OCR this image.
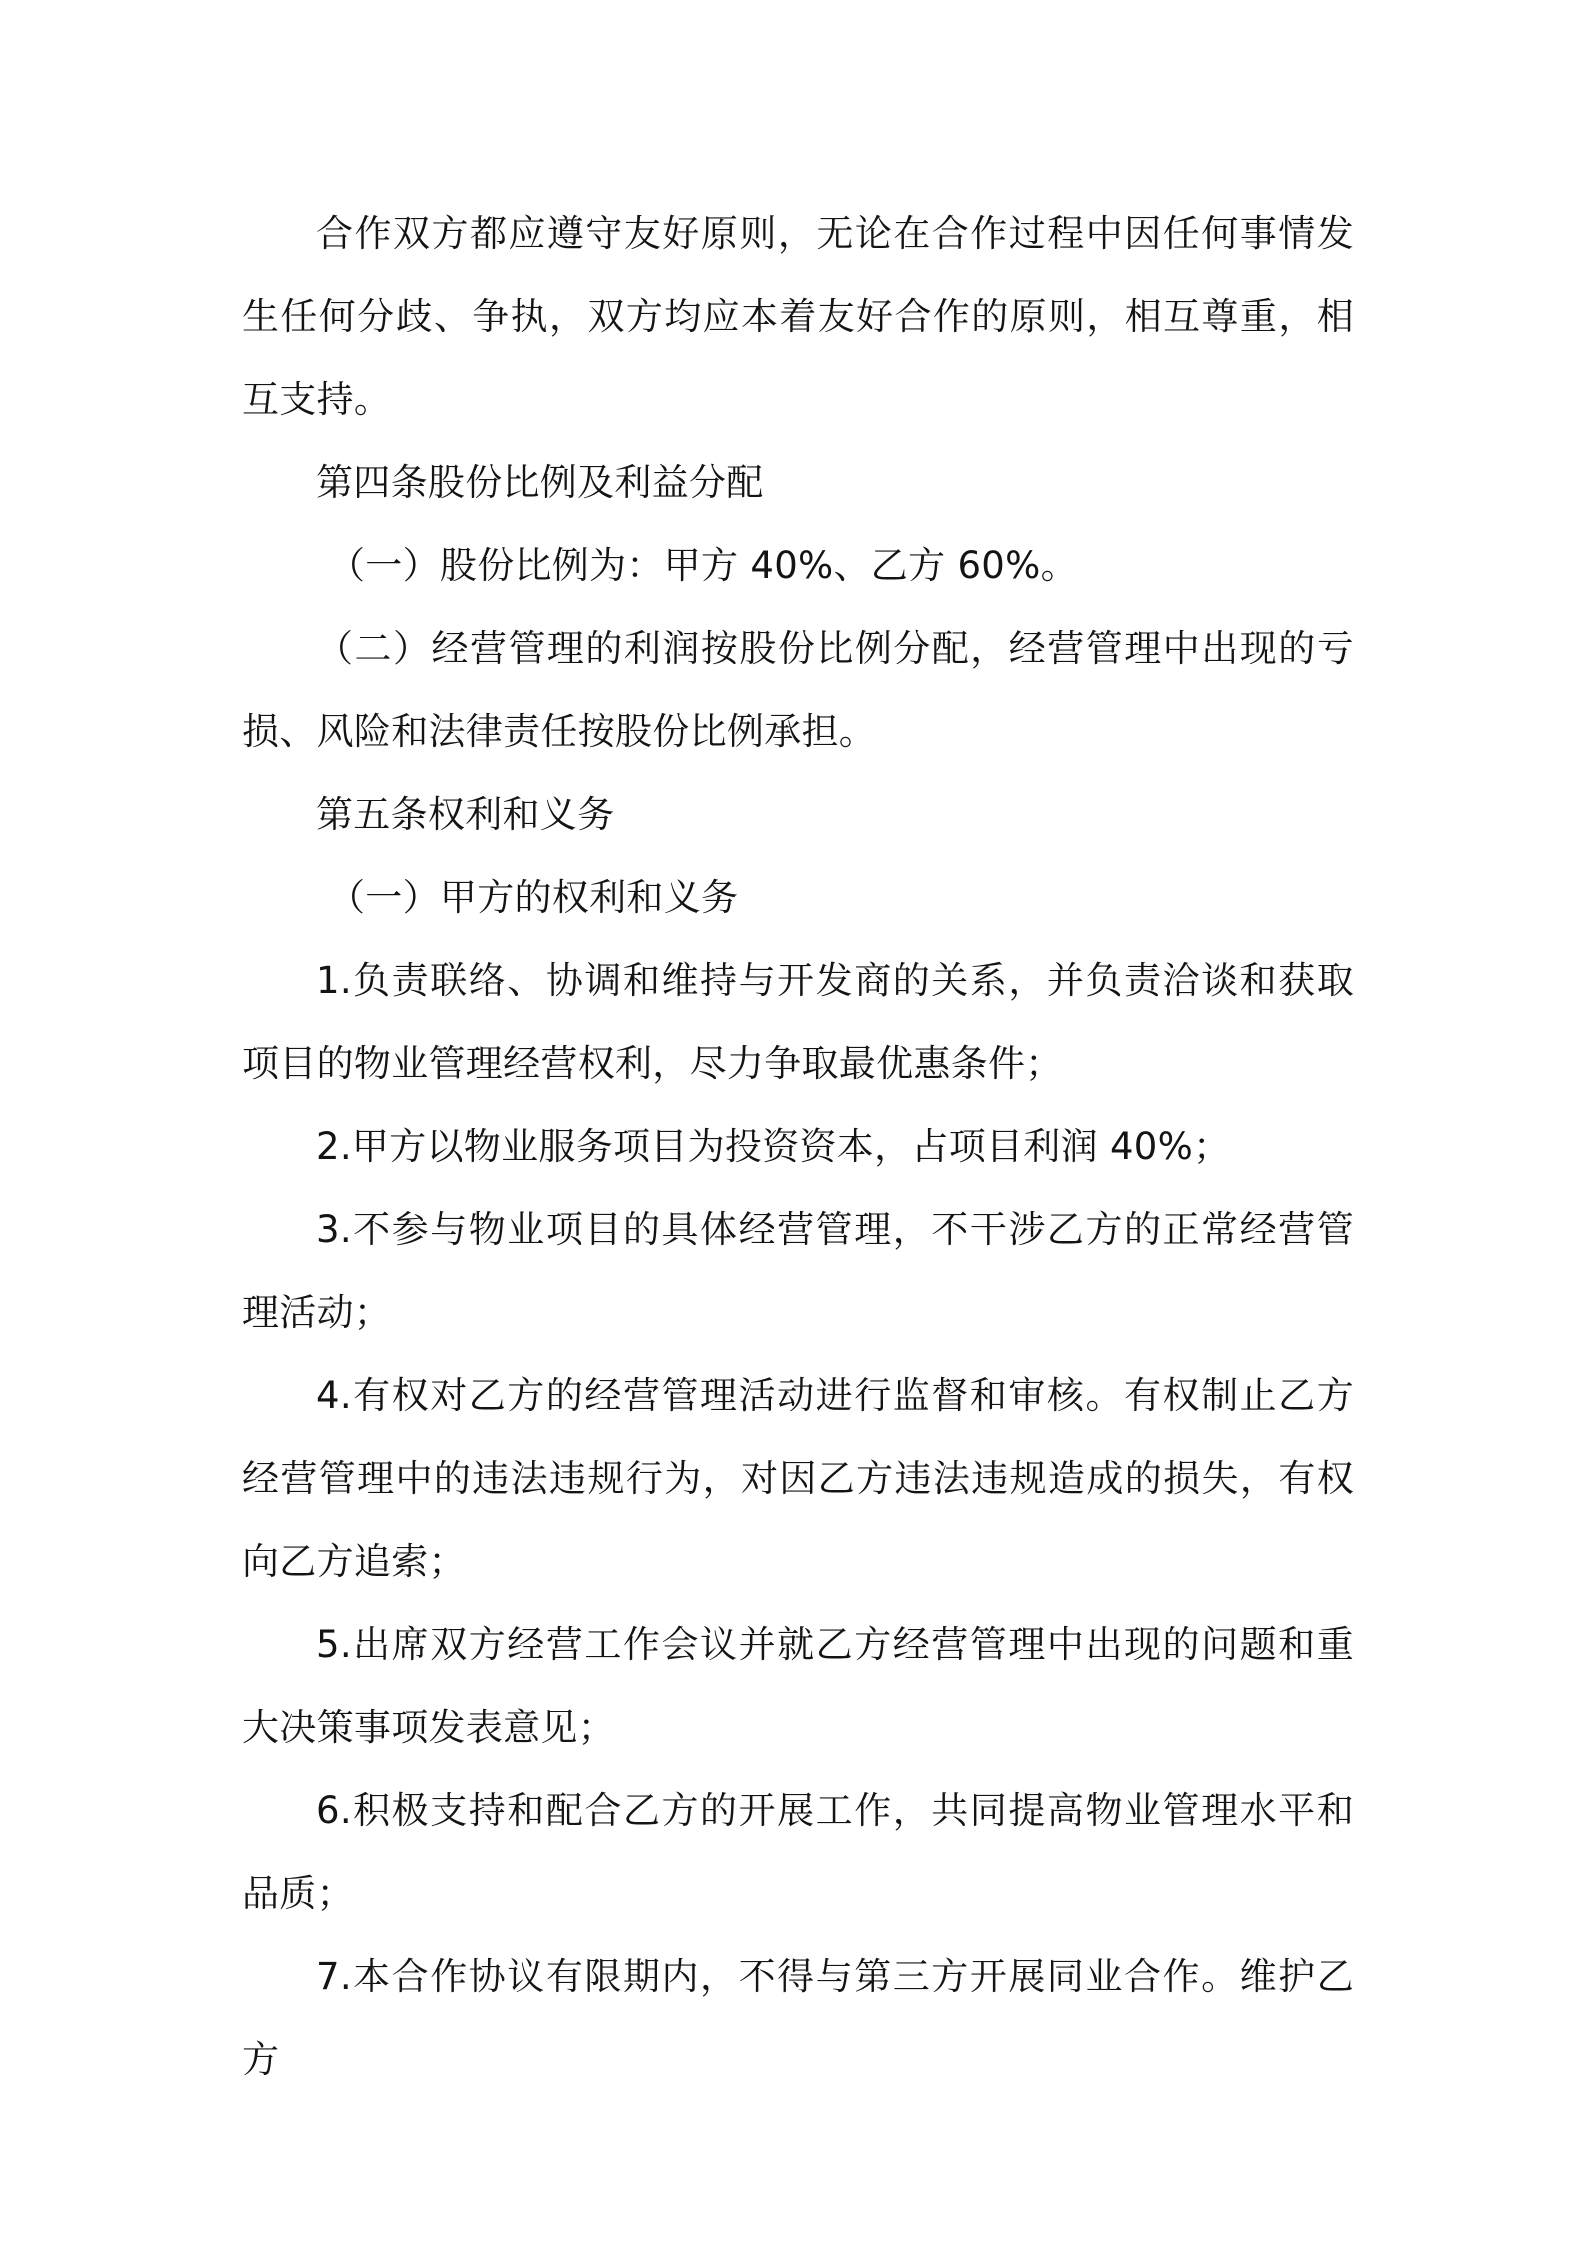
合作双方都应遵守友好原则，无论在合作过程中因任何事情发生任何分歧、争执，双方均应本着友好合作的原则，相互尊重，相互支持。

第四条股份比例及利益分配

（一）股份比例为：甲方 40%、乙方 60%。

（二）经营管理的利润按股份比例分配，经营管理中出现的亏损、风险和法律责任按股份比例承担。

第五条权利和义务

（一）甲方的权利和义务

1.负责联络、协调和维持与开发商的关系，并负责洽谈和获取项目的物业管理经营权利，尽力争取最优惠条件；

2.甲方以物业服务项目为投资资本，占项目利润 40%；

3.不参与物业项目的具体经营管理，不干涉乙方的正常经营管理活动；

4.有权对乙方的经营管理活动进行监督和审核。有权制止乙方经营管理中的违法违规行为，对因乙方违法违规造成的损失，有权向乙方追索；

5.出席双方经营工作会议并就乙方经营管理中出现的问题和重大决策事项发表意见；

6.积极支持和配合乙方的开展工作，共同提高物业管理水平和品质；

7.本合作协议有限期内，不得与第三方开展同业合作。维护乙方
